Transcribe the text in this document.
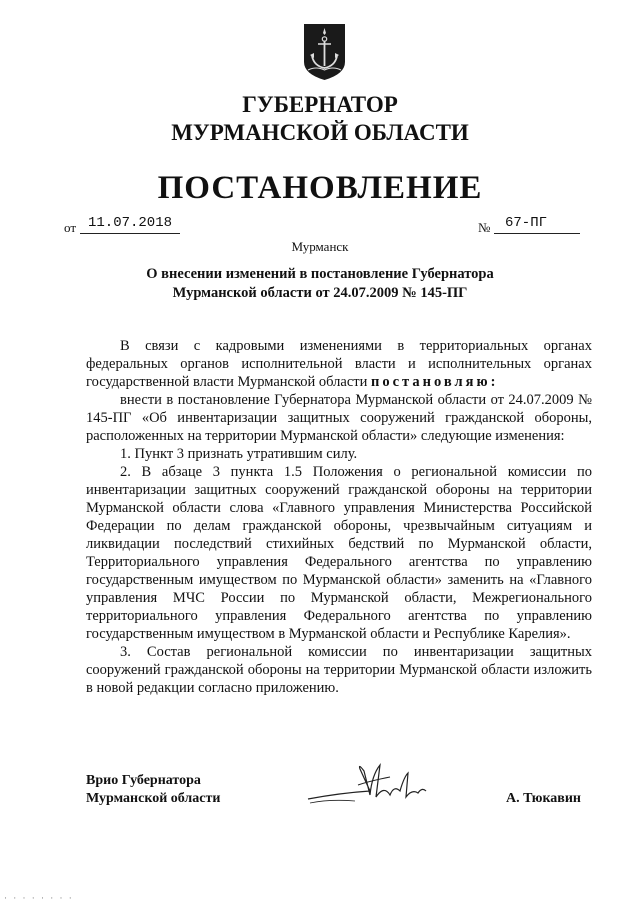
ГУБЕРНАТОР
МУРМАНСКОЙ ОБЛАСТИ
ПОСТАНОВЛЕНИЕ
от 11.07.2018	№ 67-ПГ
Мурманск
О внесении изменений в постановление Губернатора
Мурманской области от 24.07.2009 № 145-ПГ

В связи с кадровыми изменениями в территориальных органах федеральных органов исполнительной власти и исполнительных органах государственной власти Мурманской области постановляю:

внести в постановление Губернатора Мурманской области от 24.07.2009 № 145-ПГ «Об инвентаризации защитных сооружений гражданской обороны, расположенных на территории Мурманской области» следующие изменения:

1. Пункт 3 признать утратившим силу.

2. В абзаце 3 пункта 1.5 Положения о региональной комиссии по инвентаризации защитных сооружений гражданской обороны на территории Мурманской области слова «Главного управления Министерства Российской Федерации по делам гражданской обороны, чрезвычайным ситуациям и ликвидации последствий стихийных бедствий по Мурманской области, Территориального управления Федерального агентства по управлению государственным имуществом по Мурманской области» заменить на «Главного управления МЧС России по Мурманской области, Межрегионального территориального управления Федерального агентства по управлению государственным имуществом в Мурманской области и Республике Карелия».

3. Состав региональной комиссии по инвентаризации защитных сооружений гражданской обороны на территории Мурманской области изложить в новой редакции согласно приложению.

Врио Губернатора
Мурманской области	А. Тюкавин
· · · · · · · ·
